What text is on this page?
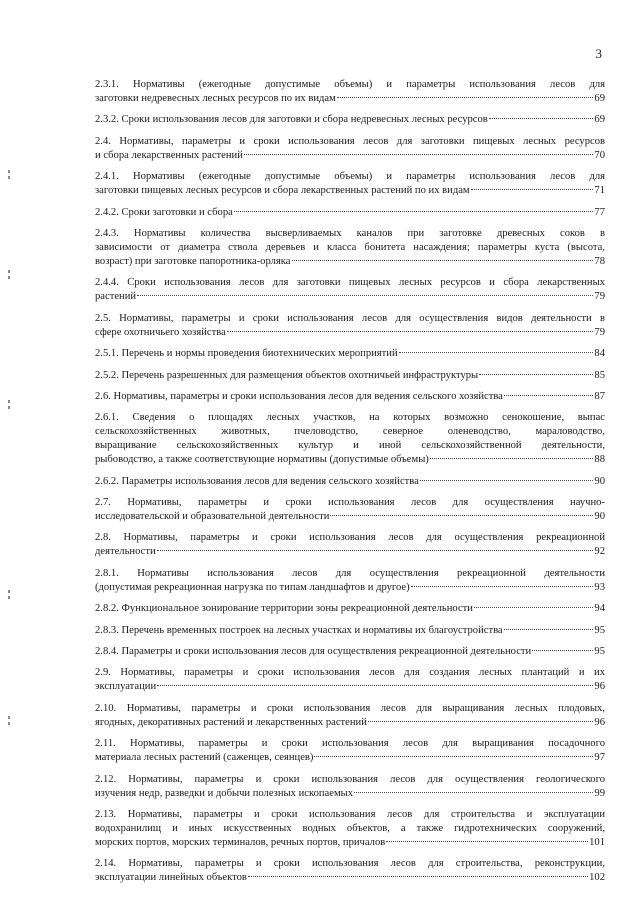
3
2.3.1. Нормативы (ежегодные допустимые объемы) и параметры использования лесов для
заготовки недревесных лесных ресурсов по их видам	69
2.3.2. Сроки использования лесов для заготовки и сбора недревесных лесных ресурсов	69
2.4. Нормативы, параметры и сроки использования лесов для заготовки пищевых лесных ресурсов
и сбора лекарственных растений	70
2.4.1. Нормативы (ежегодные допустимые объемы) и параметры использования лесов для
заготовки пищевых лесных ресурсов и сбора лекарственных растений по их видам	71
2.4.2. Сроки заготовки и сбора	77
2.4.3. Нормативы количества высверливаемых каналов при заготовке древесных соков в
зависимости от диаметра ствола деревьев и класса бонитета насаждения; параметры куста (высота,
возраст) при заготовке папоротника-орляка	78
2.4.4. Сроки использования лесов для заготовки пищевых лесных ресурсов и сбора лекарственных
растений	79
2.5. Нормативы, параметры и сроки использования лесов для осуществления видов деятельности в
сфере охотничьего хозяйства	79
2.5.1. Перечень и нормы проведения биотехнических мероприятий	84
2.5.2. Перечень разрешенных для размещения объектов охотничьей инфраструктуры	85
2.6. Нормативы, параметры и сроки использования лесов для ведения сельского хозяйства	87
2.6.1. Сведения о площадях лесных участков, на которых возможно сенокошение, выпас
сельскохозяйственных животных, пчеловодство, северное оленеводство, мараловодство,
выращивание сельскохозяйственных культур и иной сельскохозяйственной деятельности,
рыбоводство, а также соответствующие нормативы (допустимые объемы)	88
2.6.2. Параметры использования лесов для ведения сельского хозяйства	90
2.7. Нормативы, параметры и сроки использования лесов для осуществления научно-
исследовательской и образовательной деятельности	90
2.8. Нормативы, параметры и сроки использования лесов для осуществления рекреационной
деятельности	92
2.8.1. Нормативы использования лесов для осуществления рекреационной деятельности
(допустимая рекреационная нагрузка по типам ландшафтов и другое)	93
2.8.2. Функциональное зонирование территории зоны рекреационной деятельности	94
2.8.3. Перечень временных построек на лесных участках и нормативы их благоустройства	95
2.8.4. Параметры и сроки использования лесов для осуществления рекреационной деятельности	95
2.9. Нормативы, параметры и сроки использования лесов для создания лесных плантаций и их
эксплуатации	96
2.10. Нормативы, параметры и сроки использования лесов для выращивания лесных плодовых,
ягодных, декоративных растений и лекарственных растений	96
2.11. Нормативы, параметры и сроки использования лесов для выращивания посадочного
материала лесных растений (саженцев, сеянцев)	97
2.12. Нормативы, параметры и сроки использования лесов для осуществления геологического
изучения недр, разведки и добычи полезных ископаемых	99
2.13. Нормативы, параметры и сроки использования лесов для строительства и эксплуатации
водохранилищ и иных искусственных водных объектов, а также гидротехнических сооружений,
морских портов, морских терминалов, речных портов, причалов	101
2.14. Нормативы, параметры и сроки использования лесов для строительства, реконструкции,
эксплуатации линейных объектов	102
